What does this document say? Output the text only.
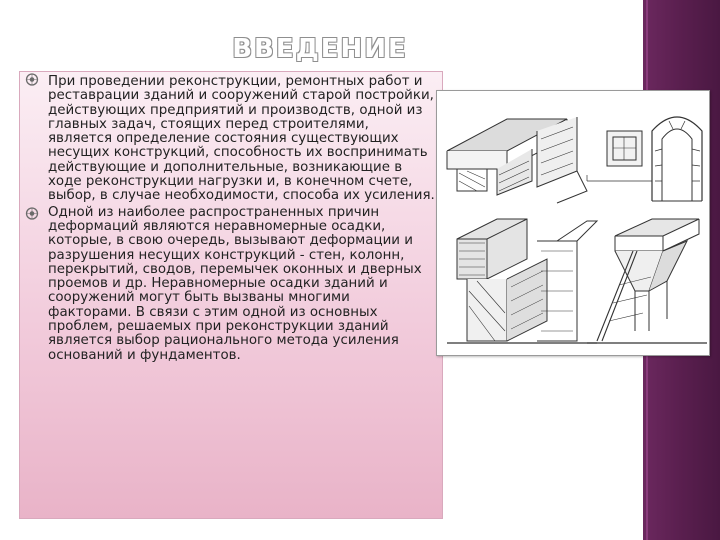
ВВЕДЕНИЕ
При проведении реконструкции, ремонтных работ и реставрации зданий и сооружений старой постройки, действующих предприятий и производств, одной из главных задач, стоящих перед строителями, является определение состояния существующих несущих конструкций, способность их воспринимать действующие и дополнительные, возникающие в ходе реконструкции нагрузки и, в конечном счете, выбор, в случае необходимости, способа их усиления.
Одной из наиболее распространенных причин деформаций являются неравномерные осадки, которые, в свою очередь, вызывают деформации и разрушения несущих конструкций - стен, колонн, перекрытий, сводов, перемычек оконных и дверных проемов и др. Неравномерные осадки зданий и сооружений могут быть вызваны многими факторами. В связи с этим одной из основных проблем, решаемых при реконструкции зданий является выбор рационального метода усиления оснований и фундаментов.
